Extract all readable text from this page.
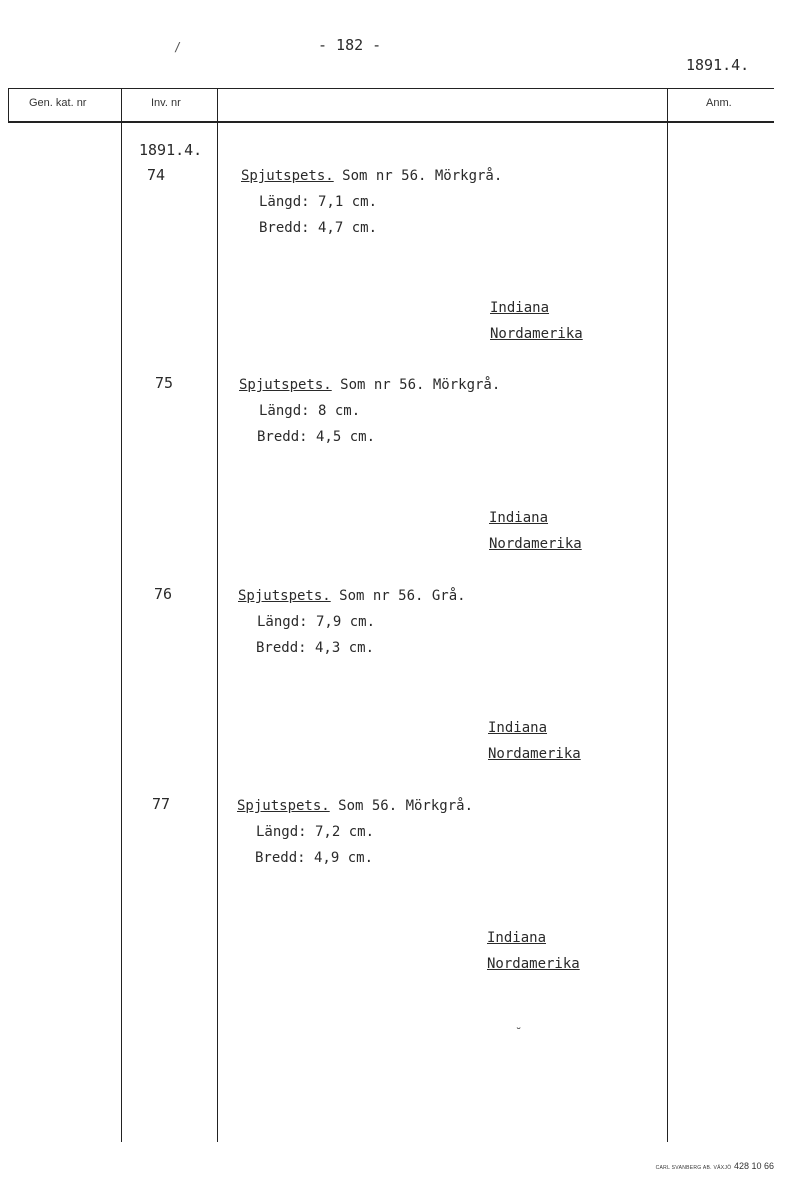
- 182 -
1891.4.
Gen. kat. nr	Inv. nr	Anm.
1891.4.
74	Spjutspets. Som nr 56. Mörkgrå.
Längd: 7,1 cm.
Bredd: 4,7 cm.
Indiana
Nordamerika
75	Spjutspets. Som nr 56. Mörkgrå.
Längd: 8 cm.
Bredd: 4,5 cm.
Indiana
Nordamerika
76	Spjutspets. Som nr 56. Grå.
Längd: 7,9 cm.
Bredd: 4,3 cm.
Indiana
Nordamerika
77	Spjutspets. Som 56. Mörkgrå.
Längd: 7,2 cm.
Bredd: 4,9 cm.
Indiana
Nordamerika
/
˘
CARL SVANBERG AB. VÄXJÖ 428 10 66
